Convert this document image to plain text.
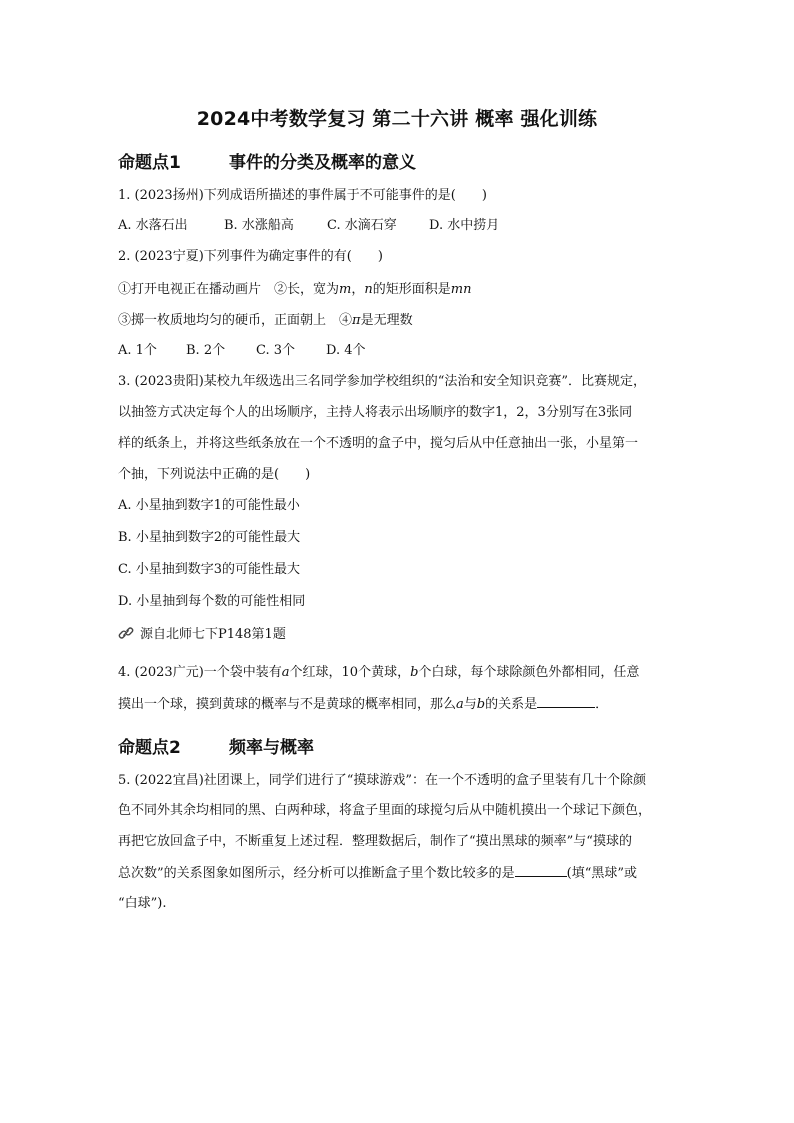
2024中考数学复习 第二十六讲 概率 强化训练
命题点1	事件的分类及概率的意义
1. (2023扬州)下列成语所描述的事件属于不可能事件的是(　　)
A. 水落石出	B. 水涨船高	C. 水滴石穿 D. 水中捞月
2. (2023宁夏)下列事件为确定事件的有(　　)
①打开电视正在播动画片　②长，宽为m，n的矩形面积是mn
③掷一枚质地均匀的硬币，正面朝上　④π是无理数
A. 1个 B. 2个 C. 3个 D. 4个
3. (2023贵阳)某校九年级选出三名同学参加学校组织的“法治和安全知识竞赛”．比赛规定，
以抽签方式决定每个人的出场顺序，主持人将表示出场顺序的数字1，2，3分别写在3张同
样的纸条上，并将这些纸条放在一个不透明的盒子中，搅匀后从中任意抽出一张，小星第一
个抽，下列说法中正确的是(　　)
A. 小星抽到数字1的可能性最小
B. 小星抽到数字2的可能性最大
C. 小星抽到数字3的可能性最大
D. 小星抽到每个数的可能性相同
源自北师七下P148第1题
4. (2023广元)一个袋中装有a个红球，10个黄球，b个白球，每个球除颜色外都相同，任意
摸出一个球，摸到黄球的概率与不是黄球的概率相同，那么a与b的关系是	．
命题点2	频率与概率
5. (2022宜昌)社团课上，同学们进行了“摸球游戏”：在一个不透明的盒子里装有几十个除颜
色不同外其余均相同的黑、白两种球，将盒子里面的球搅匀后从中随机摸出一个球记下颜色，
再把它放回盒子中，不断重复上述过程．整理数据后，制作了“摸出黑球的频率”与“摸球的
总次数”的关系图象如图所示，经分析可以推断盒子里个数比较多的是	(填“黑球”或
“白球”).
